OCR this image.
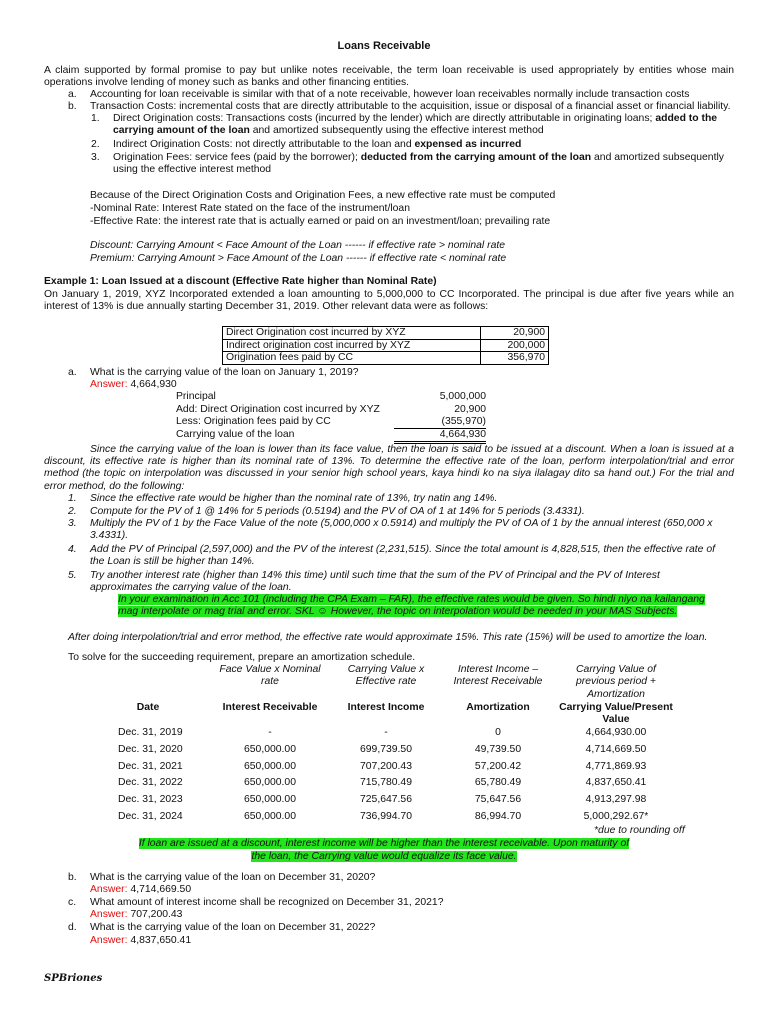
Loans Receivable
A claim supported by formal promise to pay but unlike notes receivable, the term loan receivable is used appropriately by entities whose main operations involve lending of money such as banks and other financing entities.
a. Accounting for loan receivable is similar with that of a note receivable, however loan receivables normally include transaction costs
b. Transaction Costs: incremental costs that are directly attributable to the acquisition, issue or disposal of a financial asset or financial liability.
1. Direct Origination costs: Transactions costs (incurred by the lender) which are directly attributable in originating loans; added to the carrying amount of the loan and amortized subsequently using the effective interest method
2. Indirect Origination Costs: not directly attributable to the loan and expensed as incurred
3. Origination Fees: service fees (paid by the borrower); deducted from the carrying amount of the loan and amortized subsequently using the effective interest method
Because of the Direct Origination Costs and Origination Fees, a new effective rate must be computed
-Nominal Rate: Interest Rate stated on the face of the instrument/loan
-Effective Rate: the interest rate that is actually earned or paid on an investment/loan; prevailing rate
Discount: Carrying Amount < Face Amount of the Loan ------ if effective rate > nominal rate
Premium: Carrying Amount > Face Amount of the Loan ------ if effective rate < nominal rate
Example 1: Loan Issued at a discount (Effective Rate higher than Nominal Rate)
On January 1, 2019, XYZ Incorporated extended a loan amounting to 5,000,000 to CC Incorporated. The principal is due after five years while an interest of 13% is due annually starting December 31, 2019. Other relevant data were as follows:
Direct Origination cost incurred by XYZ	20,900
Indirect origination cost incurred by XYZ	200,000
Origination fees paid by CC	356,970
a. What is the carrying value of the loan on January 1, 2019?
Answer: 4,664,930
Principal	5,000,000
Add: Direct Origination cost incurred by XYZ	20,900
Less: Origination fees paid by CC	(355,970)
Carrying value of the loan	4,664,930
Since the carrying value of the loan is lower than its face value, then the loan is said to be issued at a discount. When a loan is issued at a discount, its effective rate is higher than its nominal rate of 13%. To determine the effective rate of the loan, perform interpolation/trial and error method (the topic on interpolation was discussed in your senior high school years, kaya hindi ko na siya ilalagay dito sa hand out.) For the trial and error method, do the following:
1. Since the effective rate would be higher than the nominal rate of 13%, try natin ang 14%.
2. Compute for the PV of 1 @ 14% for 5 periods (0.5194) and the PV of OA of 1 at 14% for 5 periods (3.4331).
3. Multiply the PV of 1 by the Face Value of the note (5,000,000 x 0.5914) and multiply the PV of OA of 1 by the annual interest (650,000 x 3.4331).
4. Add the PV of Principal (2,597,000) and the PV of the interest (2,231,515). Since the total amount is 4,828,515, then the effective rate of the Loan is still be higher than 14%.
5. Try another interest rate (higher than 14% this time) until such time that the sum of the PV of Principal and the PV of Interest approximates the carrying value of the loan.
In your examination in Acc 101 (including the CPA Exam – FAR), the effective rates would be given. So hindi niyo na kailangang mag interpolate or mag trial and error. SKL ☺ However, the topic on interpolation would be needed in your MAS Subjects.
After doing interpolation/trial and error method, the effective rate would approximate 15%. This rate (15%) will be used to amortize the loan.
To solve for the succeeding requirement, prepare an amortization schedule.
Face Value x Nominal rate
Carrying Value x Effective rate
Interest Income – Interest Receivable
Carrying Value of previous period + Amortization
Date	Interest Receivable	Interest Income	Amortization	Carrying Value/Present Value
Dec. 31, 2019	-	-	0	4,664,930.00
Dec. 31, 2020	650,000.00	699,739.50	49,739.50	4,714,669.50
Dec. 31, 2021	650,000.00	707,200.43	57,200.42	4,771,869.93
Dec. 31, 2022	650,000.00	715,780.49	65,780.49	4,837,650.41
Dec. 31, 2023	650,000.00	725,647.56	75,647.56	4,913,297.98
Dec. 31, 2024	650,000.00	736,994.70	86,994.70	5,000,292.67*
*due to rounding off
If loan are issued at a discount, interest income will be higher than the interest receivable. Upon maturity of
the loan, the Carrying value would equalize its face value.
b. What is the carrying value of the loan on December 31, 2020?
Answer: 4,714,669.50
c. What amount of interest income shall be recognized on December 31, 2021?
Answer: 707,200.43
d. What is the carrying value of the loan on December 31, 2022?
Answer: 4,837,650.41
SPBriones
